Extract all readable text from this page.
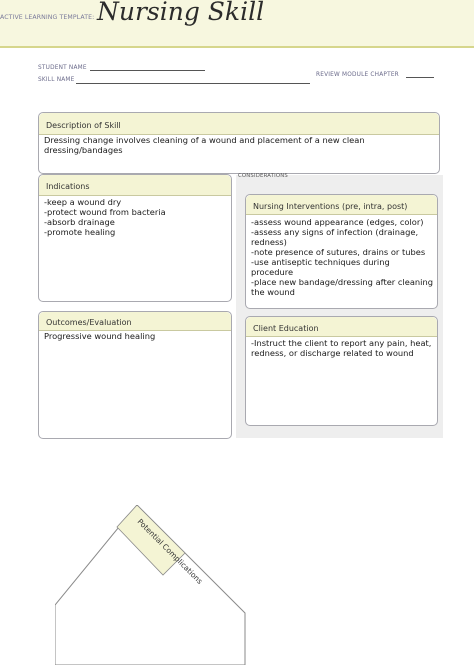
ACTIVE LEARNING TEMPLATE: Nursing Skill
STUDENT NAME
SKILL NAME
REVIEW MODULE CHAPTER
Description of Skill
Dressing change involves cleaning of a wound and placement of a new clean dressing/bandages
CONSIDERATIONS
Indications
-keep a wound dry
-protect wound from bacteria
-absorb drainage
-promote healing
Nursing Interventions (pre, intra, post)
-assess wound appearance (edges, color)
-assess any signs of infection (drainage, redness)
-note presence of sutures, drains or tubes
-use antiseptic techniques during procedure
-place new bandage/dressing after cleaning the wound
Outcomes/Evaluation
Progressive wound healing
Client Education
-Instruct the client to report any pain, heat, redness, or discharge related to wound
Potential Complications
